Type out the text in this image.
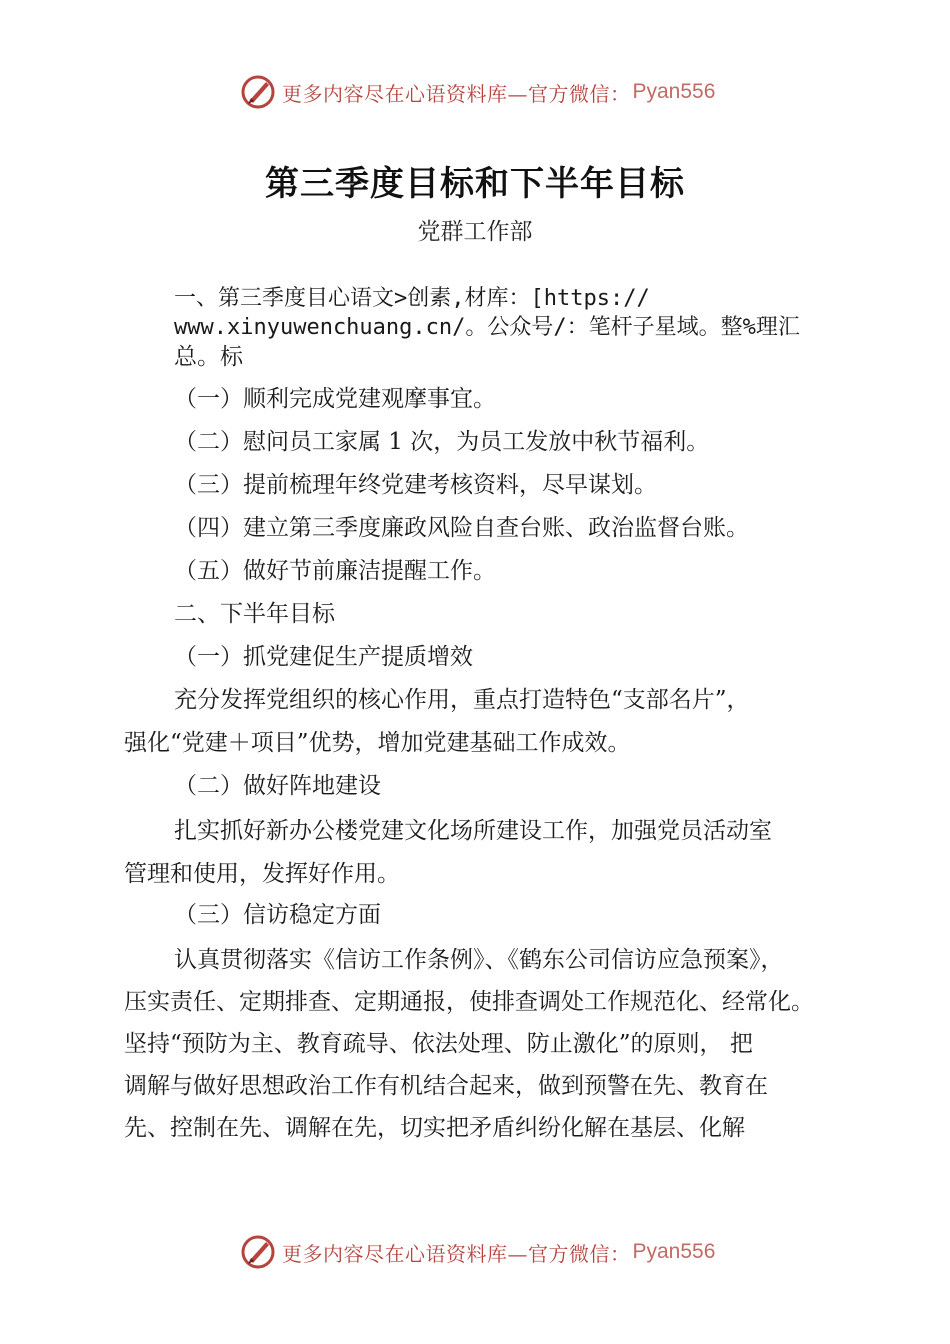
更多内容尽在心语资料库—官方微信： Pyan556
第三季度目标和下半年目标
党群工作部
一、第三季度目心语文>创素,材库：[https://
www.xinyuwenchuang.cn/。公众号/：笔杆子星域。整%理汇
总。标
（一）顺利完成党建观摩事宜。
（二）慰问员工家属 1 次，为员工发放中秋节福利。
（三）提前梳理年终党建考核资料，尽早谋划。
（四）建立第三季度廉政风险自查台账、政治监督台账。
（五）做好节前廉洁提醒工作。
二、下半年目标
（一）抓党建促生产提质增效
充分发挥党组织的核心作用，重点打造特色“支部名片”，
强化“党建＋项目”优势，增加党建基础工作成效。
（二）做好阵地建设
扎实抓好新办公楼党建文化场所建设工作，加强党员活动室
管理和使用，发挥好作用。
（三）信访稳定方面
认真贯彻落实《信访工作条例》、《鹤东公司信访应急预案》，
压实责任、定期排查、定期通报，使排查调处工作规范化、经常化。
坚持“预防为主、教育疏导、依法处理、防止激化”的原则， 把
调解与做好思想政治工作有机结合起来，做到预警在先、教育在
先、控制在先、调解在先，切实把矛盾纠纷化解在基层、化解
更多内容尽在心语资料库—官方微信： Pyan556
